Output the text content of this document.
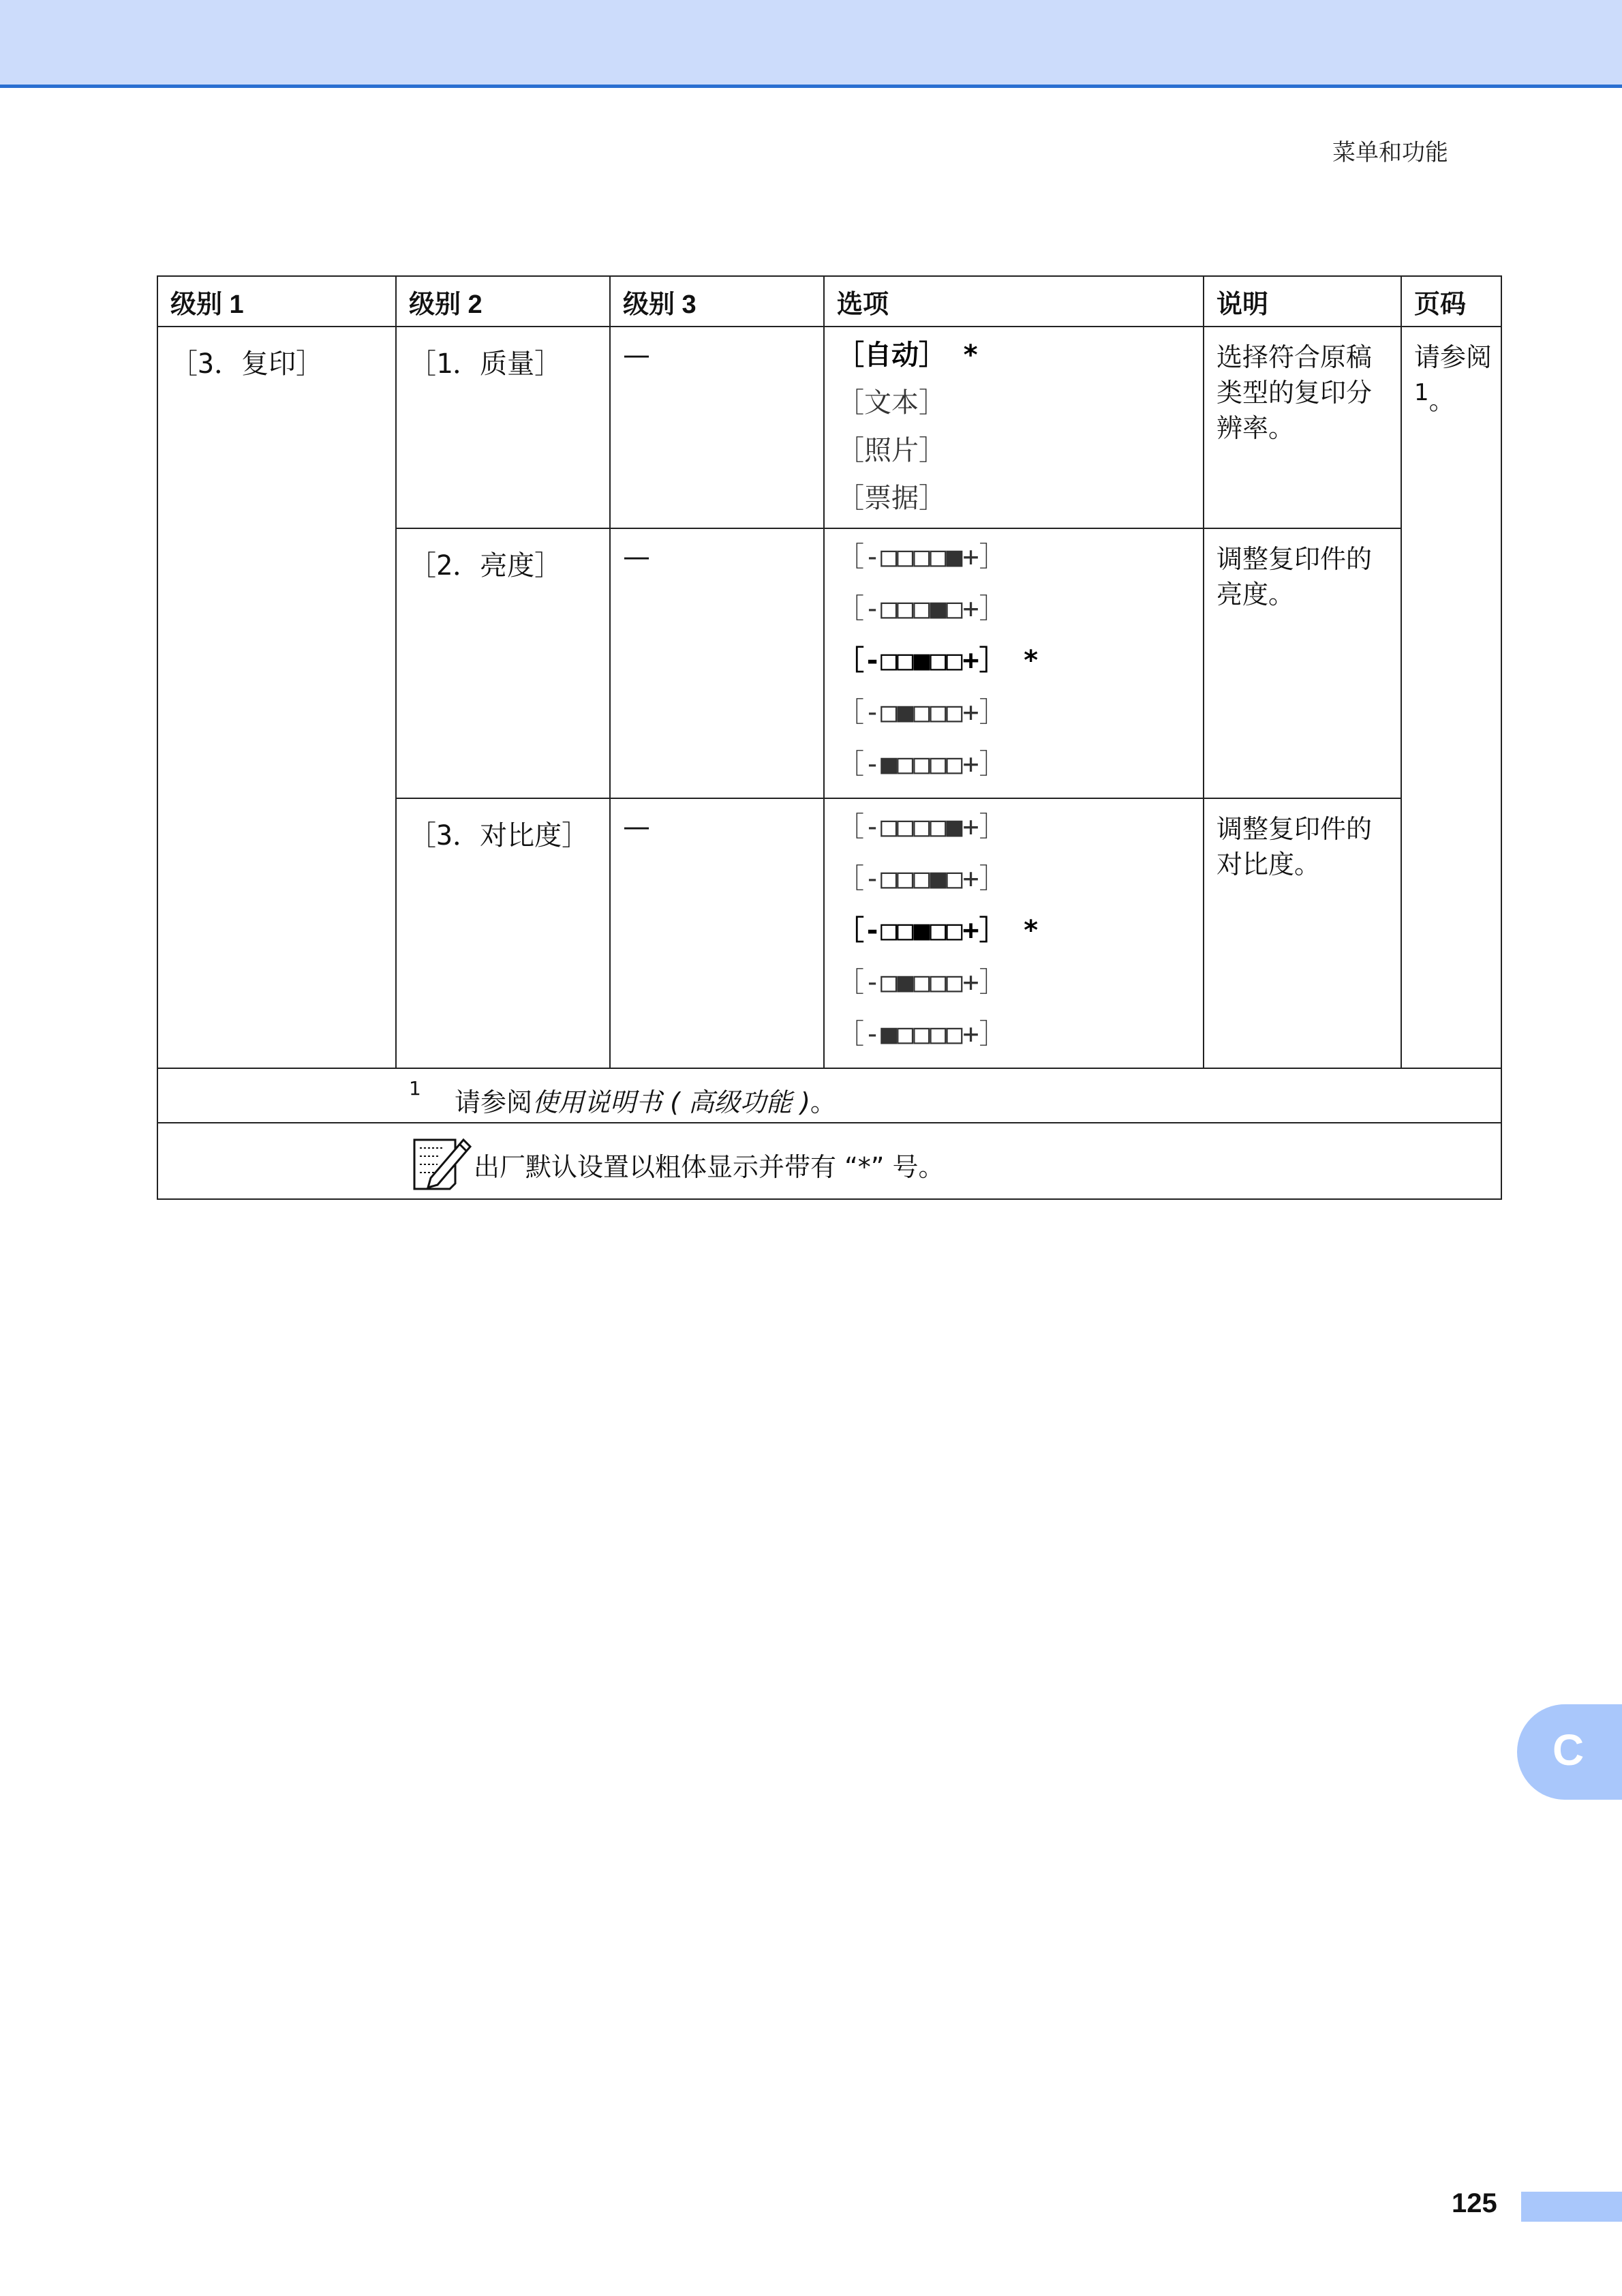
菜单和功能
级别 1	级别 2	级别 3	选项	说明	页码
［3．复印］	［1．质量］	—	［自动］ *
［文本］
［照片］
［票据］	选择符合原稿类型的复印分辨率。	请参阅$^1$。
	［2．亮度］	—	［-□□□□■+］
［-□□□■□+］
［-□□■□□+］ *
［-□■□□□+］
［-■□□□□+］	调整复印件的亮度。	
	［3．对比度］	—	［-□□□□■+］
［-□□□■□+］
［-□□■□□+］ *
［-□■□□□+］
［-■□□□□+］	调整复印件的对比度。	

1 请参阅使用说明书 ( 高级功能 )。					

出厂默认设置以粗体显示并带有 “*” 号。					
C
125
